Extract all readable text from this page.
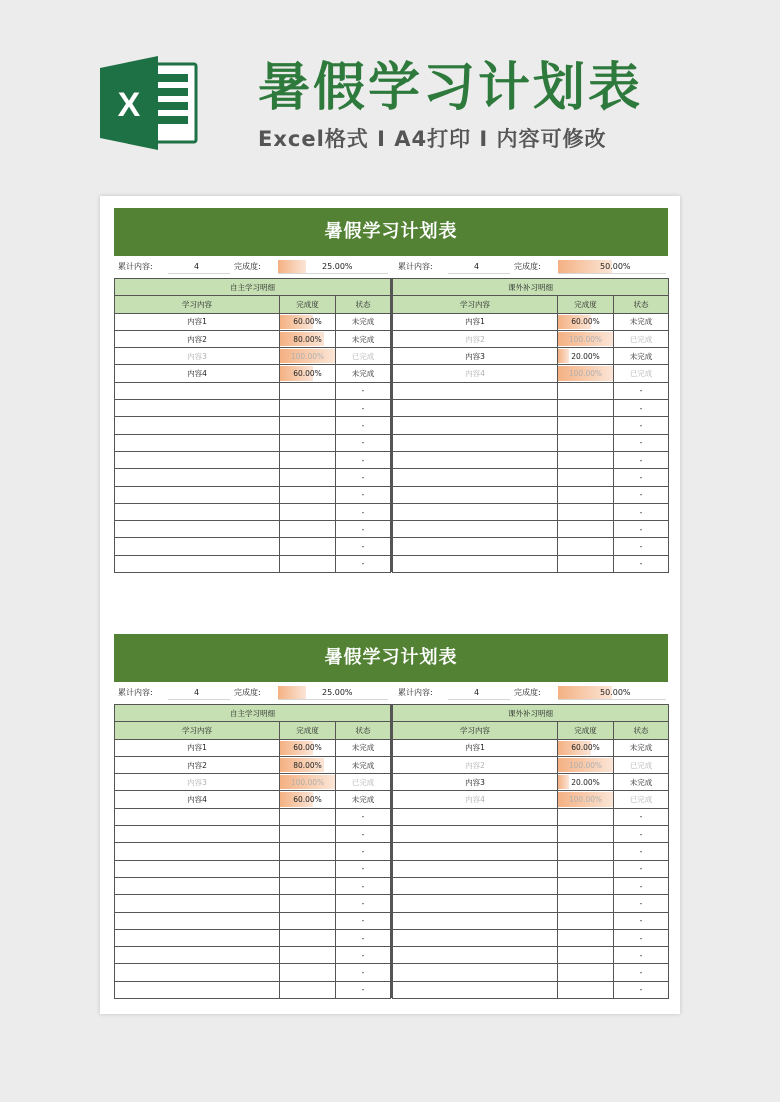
X 暑假学习计划表
Excel格式 I A4打印 I 内容可修改
暑假学习计划表
累计内容:	4	完成度:	25.00%	累计内容:	4	完成度:	50.00%
自主学习明细		
学习内容	完成度	状态
内容1	60.00%	未完成
内容2	80.00%	未完成
内容3	100.00%	已完成
内容4	60.00%	未完成
		-
		-
		-
		-
		-
		-
		-
		-
		-
		-
		-
课外补习明细		
学习内容	完成度	状态
内容1	60.00%	未完成
内容2	100.00%	已完成
内容3	20.00%	未完成
内容4	100.00%	已完成
		-
		-
		-
		-
		-
		-
		-
		-
		-
		-
		-
暑假学习计划表
累计内容:	4	完成度:	25.00%	累计内容:	4	完成度:	50.00%
自主学习明细		
学习内容	完成度	状态
内容1	60.00%	未完成
内容2	80.00%	未完成
内容3	100.00%	已完成
内容4	60.00%	未完成
		-
		-
		-
		-
		-
		-
		-
		-
		-
		-
		-
课外补习明细		
学习内容	完成度	状态
内容1	60.00%	未完成
内容2	100.00%	已完成
内容3	20.00%	未完成
内容4	100.00%	已完成
		-
		-
		-
		-
		-
		-
		-
		-
		-
		-
		-
